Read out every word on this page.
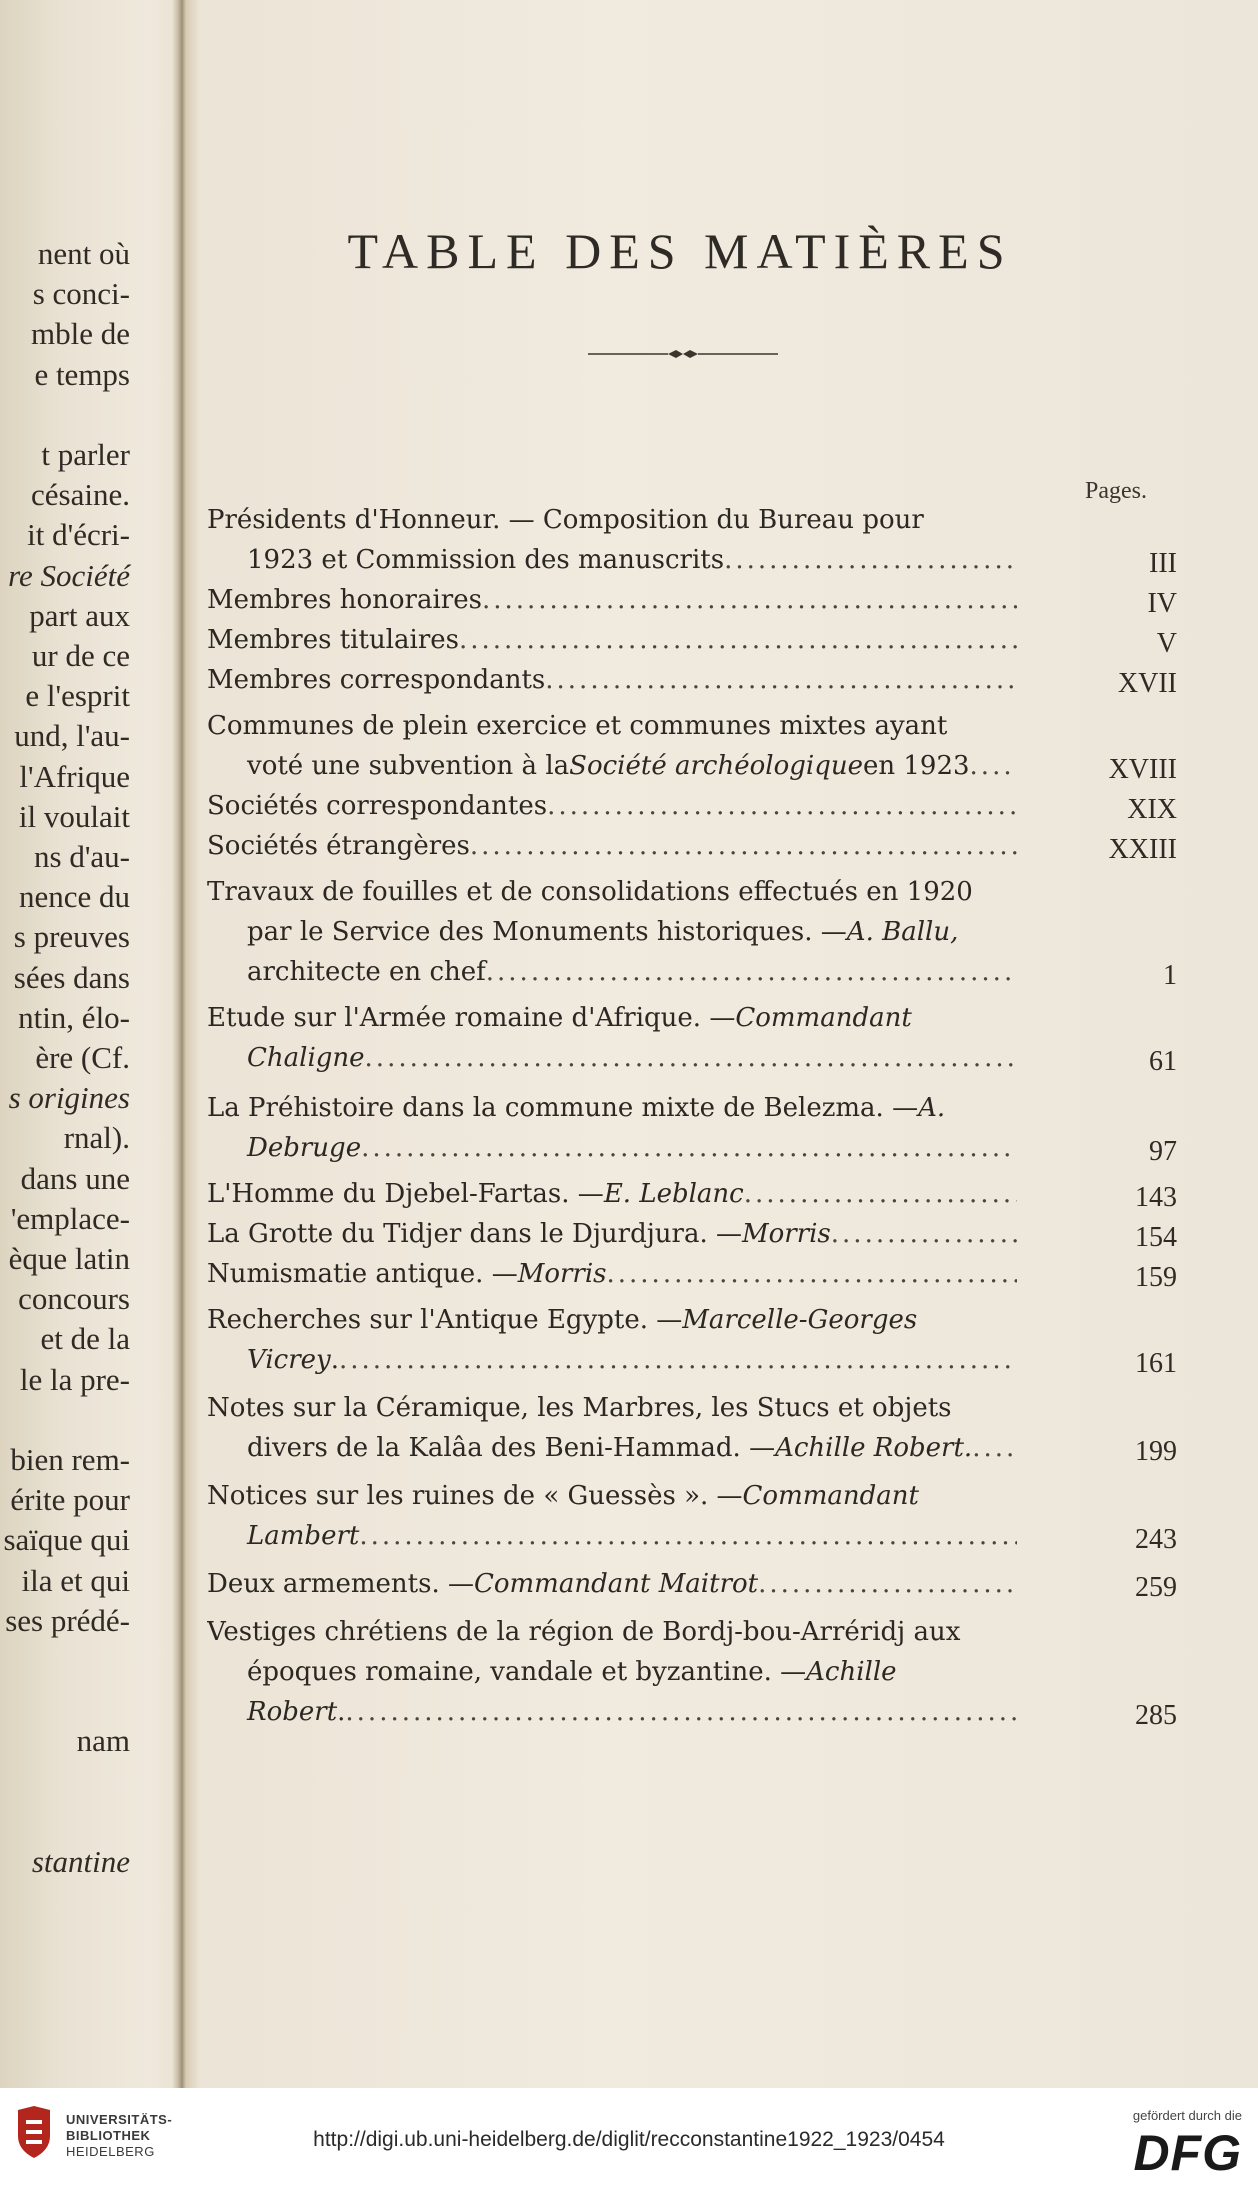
nent où
s conci-
mble de
e temps
t parler
césaine.
it d'écri-
re Société
part aux
ur de ce
e l'esprit
und, l'au-
l'Afrique
il voulait
ns d'au-
nence du
s preuves
sées dans
ntin, élo-
ère (Cf.
s origines
rnal).
dans une
'emplace-
èque latin
concours
et de la
le la pre-
bien rem-
érite pour
saïque qui
ila et qui
ses prédé-
nam
stantine
TABLE DES MATIÈRES
Pages.
Présidents d'Honneur. — Composition du Bureau pour
1923 et Commission des manuscrits .....	III
Membres honoraires .....	IV
Membres titulaires .....	V
Membres correspondants .....	XVII
Communes de plein exercice et communes mixtes ayant
voté une subvention à la Société archéologique en 1923 .....	XVIII
Sociétés correspondantes .....	XIX
Sociétés étrangères .....	XXIII
Travaux de fouilles et de consolidations effectués en 1920
par le Service des Monuments historiques. — A. Ballu,
architecte en chef .....	1
Etude sur l'Armée romaine d'Afrique. — Commandant
Chaligne .....	61
La Préhistoire dans la commune mixte de Belezma. — A.
Debruge .....	97
L'Homme du Djebel-Fartas. — E. Leblanc .....	143
La Grotte du Tidjer dans le Djurdjura. — Morris .....	154
Numismatie antique. — Morris .....	159
Recherches sur l'Antique Egypte. — Marcelle-Georges
Vicrey . .....	161
Notes sur la Céramique, les Marbres, les Stucs et objets
divers de la Kalâa des Beni-Hammad. — Achille Robert. .....	199
Notices sur les ruines de « Guessès ». — Commandant
Lambert .....	243
Deux armements. — Commandant Maitrot .....	259
Vestiges chrétiens de la région de Bordj-bou-Arréridj aux
époques romaine, vandale et byzantine. — Achille
Robert . .....	285
UNIVERSITÄTS-
BIBLIOTHEK
HEIDELBERG
http://digi.ub.uni-heidelberg.de/diglit/recconstantine1922_1923/0454
gefördert durch die
DFG
